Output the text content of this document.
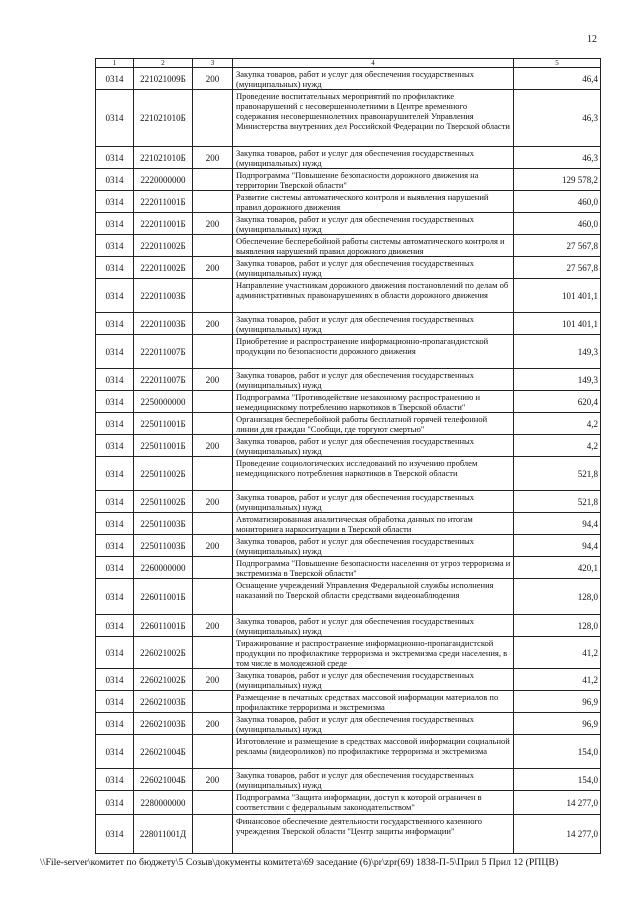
12
1	2	3	4	5
0314	221021009Б	200	Закупка товаров, работ и услуг для обеспечения государственных (муниципальных) нужд	46,4
0314	221021010Б		Проведение воспитательных мероприятий по профилактике правонарушений с несовершеннолетними в Центре временного содержания несовершеннолетних правонарушителей Управления Министерства внутренних дел Российской Федерации по Тверской области	46,3
0314	221021010Б	200	Закупка товаров, работ и услуг для обеспечения государственных (муниципальных) нужд	46,3
0314	2220000000		Подпрограмма "Повышение безопасности дорожного движения на территории Тверской области"	129 578,2
0314	222011001Б		Развитие системы автоматического контроля и выявления нарушений правил дорожного движения	460,0
0314	222011001Б	200	Закупка товаров, работ и услуг для обеспечения государственных (муниципальных) нужд	460,0
0314	222011002Б		Обеспечение бесперебойной работы системы автоматического контроля и выявления нарушений правил дорожного движения	27 567,8
0314	222011002Б	200	Закупка товаров, работ и услуг для обеспечения государственных (муниципальных) нужд	27 567,8
0314	222011003Б		Направление участникам дорожного движения постановлений по делам об административных правонарушениях в области дорожного движения	101 401,1
0314	222011003Б	200	Закупка товаров, работ и услуг для обеспечения государственных (муниципальных) нужд	101 401,1
0314	222011007Б		Приобретение и распространение информационно-пропагандистской продукции по безопасности дорожного движения	149,3
0314	222011007Б	200	Закупка товаров, работ и услуг для обеспечения государственных (муниципальных) нужд	149,3
0314	2250000000		Подпрограмма "Противодействие незаконному распространению и немедицинскому потреблению наркотиков в Тверской области"	620,4
0314	225011001Б		Организация бесперебойной работы бесплатной горячей телефонной линии для граждан "Сообщи, где торгуют смертью"	4,2
0314	225011001Б	200	Закупка товаров, работ и услуг для обеспечения государственных (муниципальных) нужд	4,2
0314	225011002Б		Проведение социологических исследований по изучению проблем немедицинского потребления наркотиков в Тверской области	521,8
0314	225011002Б	200	Закупка товаров, работ и услуг для обеспечения государственных (муниципальных) нужд	521,8
0314	225011003Б		Автоматизированная аналитическая обработка данных по итогам мониторинга наркоситуации в Тверской области	94,4
0314	225011003Б	200	Закупка товаров, работ и услуг для обеспечения государственных (муниципальных) нужд	94,4
0314	2260000000		Подпрограмма "Повышение безопасности населения от угроз терроризма и экстремизма в Тверской области"	420,1
0314	226011001Б		Оснащение учреждений Управления Федеральной службы исполнения наказаний по Тверской области средствами видеонаблюдения	128,0
0314	226011001Б	200	Закупка товаров, работ и услуг для обеспечения государственных (муниципальных) нужд	128,0
0314	226021002Б		Тиражирование и распространение информационно-пропагандистской продукции по профилактике терроризма и экстремизма среди населения, в том числе в молодежной среде	41,2
0314	226021002Б	200	Закупка товаров, работ и услуг для обеспечения государственных (муниципальных) нужд	41,2
0314	226021003Б		Размещение в печатных средствах массовой информации материалов по профилактике терроризма и экстремизма	96,9
0314	226021003Б	200	Закупка товаров, работ и услуг для обеспечения государственных (муниципальных) нужд	96,9
0314	226021004Б		Изготовление и размещение в средствах массовой информации социальной рекламы (видеороликов) по профилактике терроризма и экстремизма	154,0
0314	226021004Б	200	Закупка товаров, работ и услуг для обеспечения государственных (муниципальных) нужд	154,0
0314	2280000000		Подпрограмма "Защита информации, доступ к которой ограничен в соответствии с федеральным законодательством"	14 277,0
0314	228011001Д		Финансовое обеспечение деятельности государственного казенного учреждения Тверской области "Центр защиты информации"	14 277,0
\\File-server\комитет по бюджету\5 Созыв\документы комитета\69 заседание (6)\pr\zpr(69) 1838-П-5\Прил 5 Прил 12 (РПЦВ)
